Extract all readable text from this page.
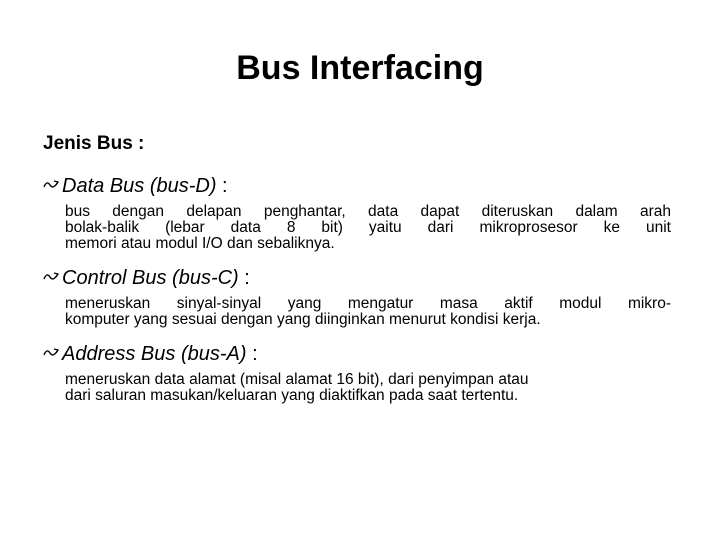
Bus Interfacing
Jenis Bus :
Data Bus (bus-D) :
bus dengan delapan penghantar, data dapat diteruskan dalam arah
bolak-balik (lebar data 8 bit) yaitu dari mikroprosesor ke unit
memori atau modul I/O dan sebaliknya.
Control Bus (bus-C) :
meneruskan sinyal-sinyal yang mengatur masa aktif modul mikro-
komputer yang sesuai dengan yang diinginkan menurut kondisi kerja.
Address Bus (bus-A) :
meneruskan data alamat (misal alamat 16 bit), dari penyimpan atau
dari saluran masukan/keluaran yang diaktifkan pada saat tertentu.
